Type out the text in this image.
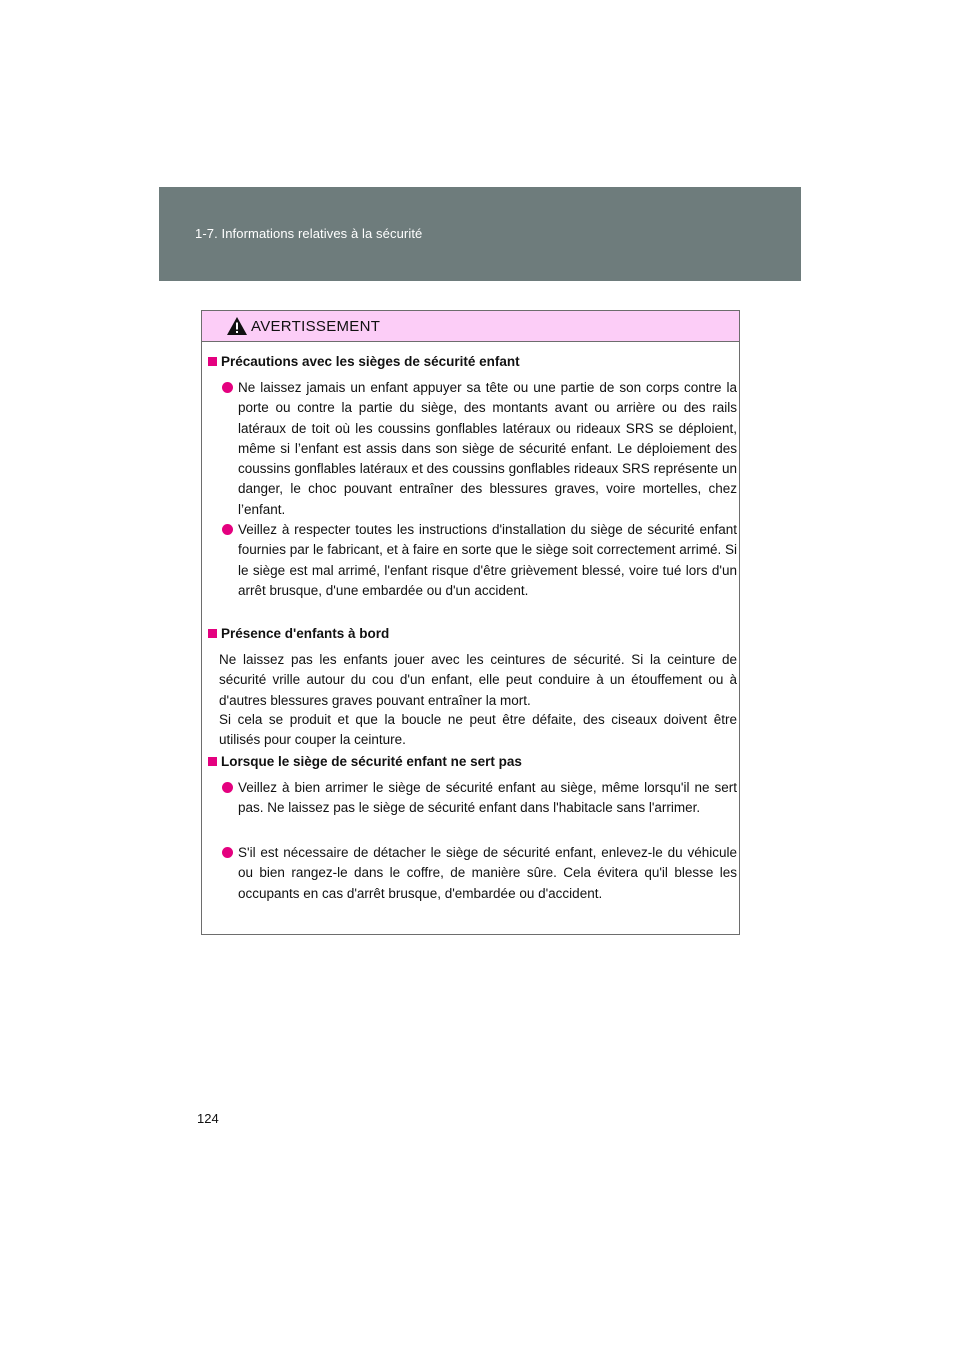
1-7. Informations relatives à la sécurité
AVERTISSEMENT
Précautions avec les sièges de sécurité enfant
Ne laissez jamais un enfant appuyer sa tête ou une partie de son corps contre la porte ou contre la partie du siège, des montants avant ou arrière ou des rails latéraux de toit où les coussins gonflables latéraux ou rideaux SRS se déploient, même si l’enfant est assis dans son siège de sécurité enfant. Le déploiement des coussins gonflables latéraux et des coussins gonflables rideaux SRS représente un danger, le choc pouvant entraîner des blessures graves, voire mortelles, chez l’enfant.
Veillez à respecter toutes les instructions d'installation du siège de sécurité enfant fournies par le fabricant, et à faire en sorte que le siège soit correctement arrimé. Si le siège est mal arrimé, l'enfant risque d'être grièvement blessé, voire tué lors d'un arrêt brusque, d'une embardée ou d'un accident.
Présence d'enfants à bord
Ne laissez pas les enfants jouer avec les ceintures de sécurité. Si la ceinture de sécurité vrille autour du cou d'un enfant, elle peut conduire à un étouffement ou à d'autres blessures graves pouvant entraîner la mort.
Si cela se produit et que la boucle ne peut être défaite, des ciseaux doivent être utilisés pour couper la ceinture.
Lorsque le siège de sécurité enfant ne sert pas
Veillez à bien arrimer le siège de sécurité enfant au siège, même lorsqu'il ne sert pas. Ne laissez pas le siège de sécurité enfant dans l'habitacle sans l'arrimer.
S'il est nécessaire de détacher le siège de sécurité enfant, enlevez-le du véhicule ou bien rangez-le dans le coffre, de manière sûre. Cela évitera qu'il blesse les occupants en cas d'arrêt brusque, d'embardée ou d'accident.
124
